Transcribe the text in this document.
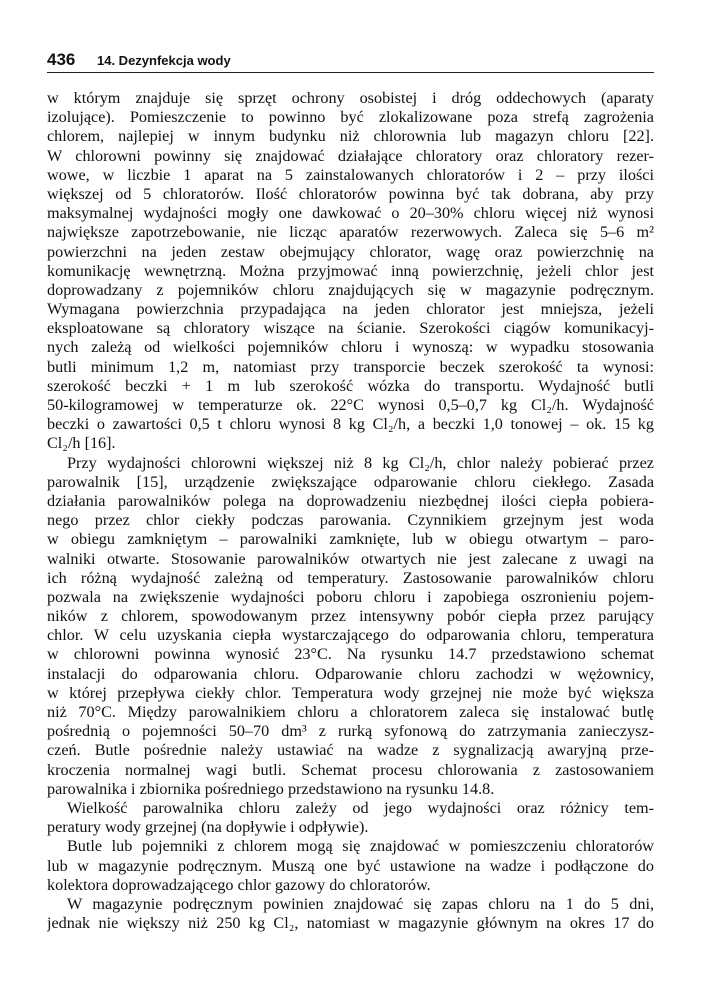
436 14. Dezynfekcja wody
w którym znajduje się sprzęt ochrony osobistej i dróg oddechowych (aparaty
izolujące). Pomieszczenie to powinno być zlokalizowane poza strefą zagrożenia
chlorem, najlepiej w innym budynku niż chlorownia lub magazyn chloru [22].
W chlorowni powinny się znajdować działające chloratory oraz chloratory rezer-
wowe, w liczbie 1 aparat na 5 zainstalowanych chloratorów i 2 – przy ilości
większej od 5 chloratorów. Ilość chloratorów powinna być tak dobrana, aby przy
maksymalnej wydajności mogły one dawkować o 20–30% chloru więcej niż wynosi
największe zapotrzebowanie, nie licząc aparatów rezerwowych. Zaleca się 5–6 m²
powierzchni na jeden zestaw obejmujący chlorator, wagę oraz powierzchnię na
komunikację wewnętrzną. Można przyjmować inną powierzchnię, jeżeli chlor jest
doprowadzany z pojemników chloru znajdujących się w magazynie podręcznym.
Wymagana powierzchnia przypadająca na jeden chlorator jest mniejsza, jeżeli
eksploatowane są chloratory wiszące na ścianie. Szerokości ciągów komunikacyj-
nych zależą od wielkości pojemników chloru i wynoszą: w wypadku stosowania
butli minimum 1,2 m, natomiast przy transporcie beczek szerokość ta wynosi:
szerokość beczki + 1 m lub szerokość wózka do transportu. Wydajność butli
50-kilogramowej w temperaturze ok. 22°C wynosi 0,5–0,7 kg Cl₂/h. Wydajność
beczki o zawartości 0,5 t chloru wynosi 8 kg Cl₂/h, a beczki 1,0 tonowej – ok. 15 kg
Cl₂/h [16].
Przy wydajności chlorowni większej niż 8 kg Cl₂/h, chlor należy pobierać przez
parowalnik [15], urządzenie zwiększające odparowanie chloru ciekłego. Zasada
działania parowalników polega na doprowadzeniu niezbędnej ilości ciepła pobiera-
nego przez chlor ciekły podczas parowania. Czynnikiem grzejnym jest woda
w obiegu zamkniętym – parowalniki zamknięte, lub w obiegu otwartym – paro-
walniki otwarte. Stosowanie parowalników otwartych nie jest zalecane z uwagi na
ich różną wydajność zależną od temperatury. Zastosowanie parowalników chloru
pozwala na zwiększenie wydajności poboru chloru i zapobiega oszronieniu pojem-
ników z chlorem, spowodowanym przez intensywny pobór ciepła przez parujący
chlor. W celu uzyskania ciepła wystarczającego do odparowania chloru, temperatura
w chlorowni powinna wynosić 23°C. Na rysunku 14.7 przedstawiono schemat
instalacji do odparowania chloru. Odparowanie chloru zachodzi w wężownicy,
w której przepływa ciekły chlor. Temperatura wody grzejnej nie może być większa
niż 70°C. Między parowalnikiem chloru a chloratorem zaleca się instalować butlę
pośrednią o pojemności 50–70 dm³ z rurką syfonową do zatrzymania zanieczysz-
czeń. Butle pośrednie należy ustawiać na wadze z sygnalizacją awaryjną prze-
kroczenia normalnej wagi butli. Schemat procesu chlorowania z zastosowaniem
parowalnika i zbiornika pośredniego przedstawiono na rysunku 14.8.
Wielkość parowalnika chloru zależy od jego wydajności oraz różnicy tem-
peratury wody grzejnej (na dopływie i odpływie).
Butle lub pojemniki z chlorem mogą się znajdować w pomieszczeniu chloratorów
lub w magazynie podręcznym. Muszą one być ustawione na wadze i podłączone do
kolektora doprowadzającego chlor gazowy do chloratorów.
W magazynie podręcznym powinien znajdować się zapas chloru na 1 do 5 dni,
jednak nie większy niż 250 kg Cl₂, natomiast w magazynie głównym na okres 17 do
